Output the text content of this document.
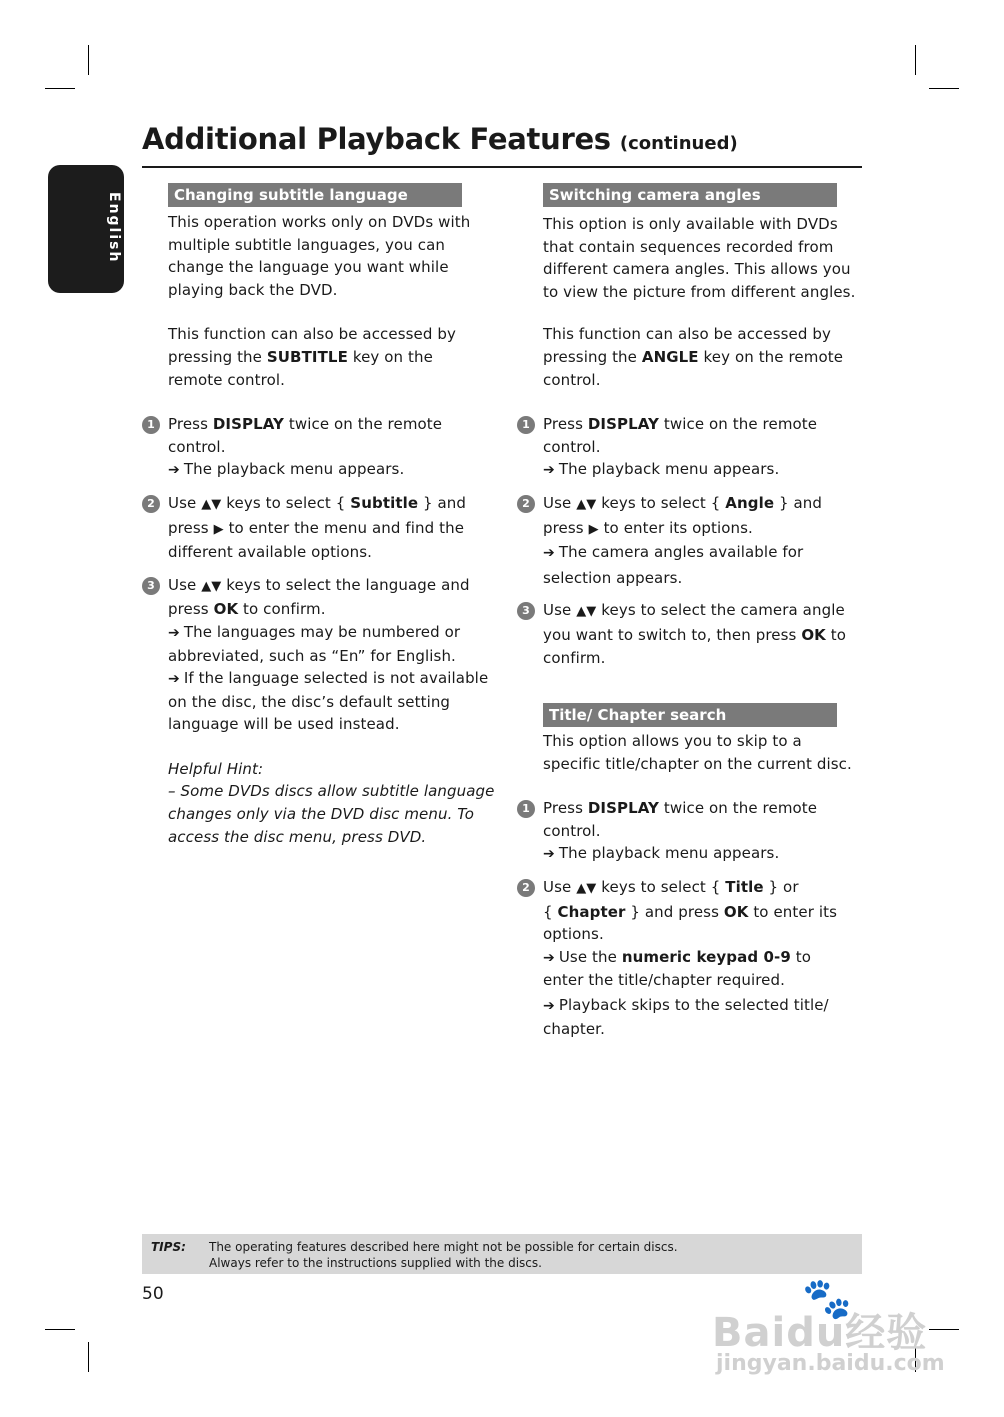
English
Additional Playback Features (continued)
Changing subtitle language
This operation works only on DVDs with
multiple subtitle languages, you can
change the language you want while
playing back the DVD.
This function can also be accessed by
pressing the SUBTITLE key on the
remote control.
1 Press DISPLAY twice on the remote
control.
➔ The playback menu appears.
2 Use ▲▼ keys to select { Subtitle } and
press ▶ to enter the menu and find the
different available options.
3 Use ▲▼ keys to select the language and
press OK to confirm.
➔ The languages may be numbered or
abbreviated, such as “En” for English.
➔ If the language selected is not available
on the disc, the disc’s default setting
language will be used instead.
Helpful Hint:
– Some DVDs discs allow subtitle language
changes only via the DVD disc menu. To
access the disc menu, press DVD.
Switching camera angles
This option is only available with DVDs
that contain sequences recorded from
different camera angles. This allows you
to view the picture from different angles.
This function can also be accessed by
pressing the ANGLE key on the remote
control.
1 Press DISPLAY twice on the remote
control.
➔ The playback menu appears.
2 Use ▲▼ keys to select { Angle } and
press ▶ to enter its options.
➔ The camera angles available for
selection appears.
3 Use ▲▼ keys to select the camera angle
you want to switch to, then press OK to
confirm.
Title/ Chapter search
This option allows you to skip to a
specific title/chapter on the current disc.
1 Press DISPLAY twice on the remote
control.
➔ The playback menu appears.
2 Use ▲▼ keys to select { Title } or
{ Chapter } and press OK to enter its
options.
➔ Use the numeric keypad 0-9 to
enter the title/chapter required.
➔ Playback skips to the selected title/
chapter.
TIPS: The operating features described here might not be possible for certain discs.
Always refer to the instructions supplied with the discs.
50	🐾
Baidu经验
jingyan.baidu.com
